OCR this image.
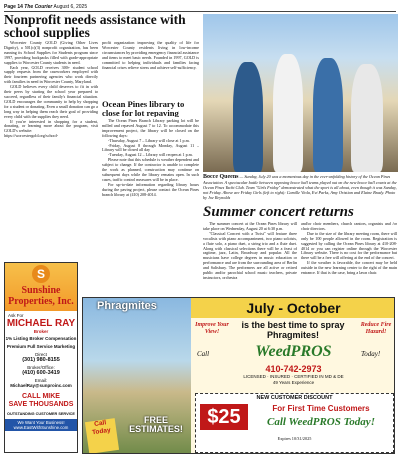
Page 14 The Courier August 6, 2025
Nonprofit needs assistance with school supplies

Worcester County GOLD (Giving Other Lives Dignity), a 501(c)(3) nonprofit organization, has been running its School Supplies for Students program since 1997, providing backpacks filled with grade-appropriate supplies to Worcester County students in need.

Each year, GOLD receives 300+ student school supply requests from the caseworkers employed with their fourteen partnering agencies who work directly with families in need in Worcester County, Maryland.

GOLD believes every child deserves to fit in with their peers by starting the school year prepared to succeed, regardless of their family's financial situation. GOLD encourages the community to help by shopping for a student or donating. Even a small donation can go a long way in helping them reach their goal of providing every child with the supplies they need.

If you're interested in shopping for a student, donating, or learning more about the program, visit GOLD's website:

https://worcestergold.org/school-

profit organization improving the quality of life for Worcester County residents living in low-income circumstances by providing emergency financial assistance and items to meet basic needs. Founded in 1997, GOLD is committed to helping individuals and families facing financial crises relieve stress and achieve self-sufficiency.

Ocean Pines library to close for lot repaving

The Ocean Pines Branch Library parking lot will be milled and repaved August 7 to 12. To accommodate this improvement project, the library will be closed on the following days:

-Thursday, August 7 – Library will close at 1 p.m.

-Friday, August 8 through Monday, August 11 – Library will be closed all day

-Tuesday, August 12 – Library will reopen at 1 p.m.

Please note that this schedule is weather dependent and subject to change. If the contractor is unable to complete the work as planned, construction may continue on subsequent days while the library remains open. In such cases, traffic control measures will be in place.

For up-to-date information regarding library hours during the paving project, please contact the Ocean Pines branch library at (410) 208-4014.

Bocce Queens — Sunday, July 20 was a momentous day in the ever-unfolding history of the Ocean Pines Association. A spectacular battle between opposing bocce ball teams played out on the new bocce ball courts at the Ocean Pines Yacht Club. Team "Girls Friday" demonstrated what the sport is all about, even though it was Sunday, not Friday. Above are Friday Girls (left to right): Camille Viola, Evi Parks, Amy Oristian and Elaine Brady. Photo by Joe Reynolds
Summer concert returns

The summer concert at the Ocean Pines library will take place on Wednesday, August 20 at 6:30 p.m.

"Classical Concert with a Twist" will feature three vocalists with piano accompaniment, two piano soloists, a flute solo, a piano duet, a string trio and a flute duet. Along with classical selections there will be a feast of ragtime, jazz, Latin, Broadway and popular. All the musicians have college degrees in music education or performance and are from the surrounding area of Berlin and Salisbury. The performers are all active or retired public and/or parochial school music teachers, private instructors, orchestra

and/or choir members, church cantors, organists and /or choir directors.

Due to the size of the library meeting room, there will only be 100 people allowed in the room. Registration is suggested by calling the Ocean Pines library at 410-208-4014 or you can register online through the Worcester Library website. There is no cost for the performance but there will be a free will offering at the end of the concert.

If the weather is favorable, the concert may be held outside in the new learning center to the right of the main entrance. If that is the case, bring a lawn chair.

S
Sunshine
Properties, Inc.
Ask For
MICHAEL RAY
Broker
1% Listing Broker Compensation
Premium Full Service Marketing
Direct
(301) 980-8155
Broker/Office:
(410) 600-3419
Email:
MichaelRay@sunproinc.com
CALL MIKE
SAVE THOUSANDS
OUTSTANDING CUSTOMER SERVICE
We Want Your Business!
www.EastWithSunshine.com
Phragmites
Call Today
FREE ESTIMATES!
July - October
Improve Your View!
is the best time to spray Phragmites!
Reduce Fire Hazard!
Call	WeedPROS	Today!
410-742-2973
LICENSED · INSURED · CERTIFIED IN MD & DE
49 Years Experience
NEW CUSTOMER DISCOUNT
$25 OFF
For First Time Customers
Call WeedPROS Today!
Expires 10/31/2025
